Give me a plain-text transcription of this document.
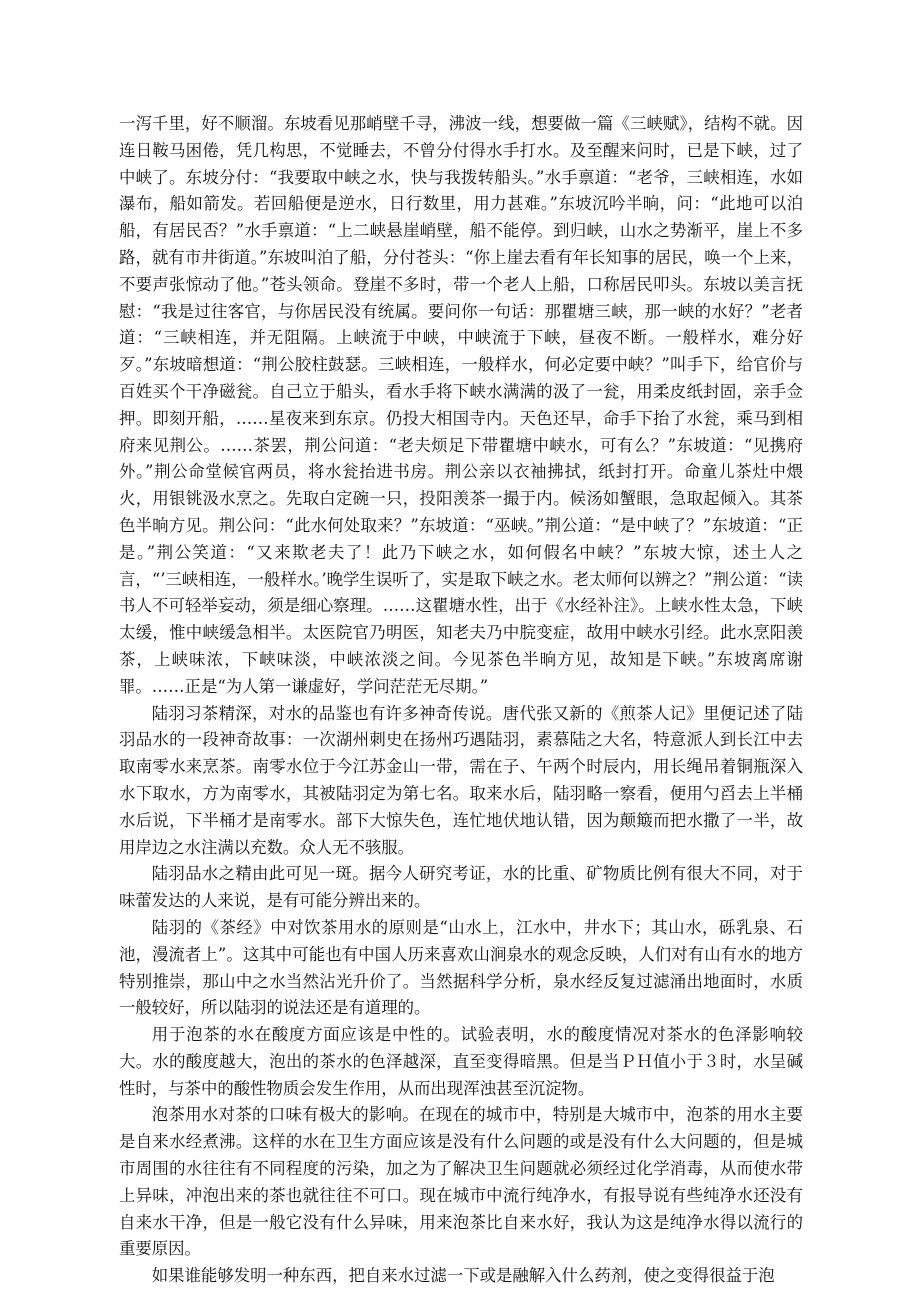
一泻千里，好不顺溜。东坡看见那峭壁千寻，沸波一线，想要做一篇《三峡赋》，结构不就。因连日鞍马困倦，凭几构思，不觉睡去，不曾分付得水手打水。及至醒来问时，已是下峡，过了中峡了。东坡分付：“我要取中峡之水，快与我拨转船头。”水手禀道：“老爷，三峡相连，水如瀑布，船如箭发。若回船便是逆水，日行数里，用力甚难。”东坡沉吟半晌，问：“此地可以泊船，有居民否？”水手禀道：“上二峡悬崖峭壁，船不能停。到归峡，山水之势渐平，崖上不多路，就有市井街道。”东坡叫泊了船，分付苍头：“你上崖去看有年长知事的居民，唤一个上来，不要声张惊动了他。”苍头领命。登崖不多时，带一个老人上船，口称居民叩头。东坡以美言抚慰：“我是过往客官，与你居民没有统属。要问你一句话：那瞿塘三峡，那一峡的水好？”老者道：“三峡相连，并无阻隔。上峡流于中峡，中峡流于下峡，昼夜不断。一般样水，难分好歹。”东坡暗想道：“荆公胶柱鼓瑟。三峡相连，一般样水，何必定要中峡？”叫手下，给官价与百姓买个干净磁瓮。自己立于船头，看水手将下峡水满满的汲了一瓮，用柔皮纸封固，亲手佥押。即刻开船，……星夜来到东京。仍投大相国寺内。天色还早，命手下抬了水瓮，乘马到相府来见荆公。……茶罢，荆公问道：“老夫烦足下带瞿塘中峡水，可有么？”东坡道：“见携府外。”荆公命堂候官两员，将水瓮抬进书房。荆公亲以衣袖拂拭，纸封打开。命童儿茶灶中煨火，用银铫汲水烹之。先取白定碗一只，投阳羡茶一撮于内。候汤如蟹眼，急取起倾入。其茶色半晌方见。荆公问：“此水何处取来？”东坡道：“巫峡。”荆公道：“是中峡了？”东坡道：“正是。”荆公笑道：“又来欺老夫了！此乃下峡之水，如何假名中峡？”东坡大惊，述土人之言，“’三峡相连，一般样水。’晚学生误听了，实是取下峡之水。老太师何以辨之？”荆公道：“读书人不可轻举妄动，须是细心察理。……这瞿塘水性，出于《水经补注》。上峡水性太急，下峡太缓，惟中峡缓急相半。太医院官乃明医，知老夫乃中脘变症，故用中峡水引经。此水烹阳羡茶，上峡味浓，下峡味淡，中峡浓淡之间。今见茶色半晌方见，故知是下峡。”东坡离席谢罪。……正是“为人第一谦虚好，学问茫茫无尽期。”

陆羽习茶精深，对水的品鉴也有许多神奇传说。唐代张又新的《煎茶人记》里便记述了陆羽品水的一段神奇故事：一次湖州刺史在扬州巧遇陆羽，素慕陆之大名，特意派人到长江中去取南零水来烹茶。南零水位于今江苏金山一带，需在子、午两个时辰内，用长绳吊着铜瓶深入水下取水，方为南零水，其被陆羽定为第七名。取来水后，陆羽略一察看，便用勺舀去上半桶水后说，下半桶才是南零水。部下大惊失色，连忙地伏地认错，因为颠簸而把水撒了一半，故用岸边之水注满以充数。众人无不骇服。

陆羽品水之精由此可见一斑。据今人研究考证，水的比重、矿物质比例有很大不同，对于味蕾发达的人来说，是有可能分辨出来的。

陆羽的《茶经》中对饮茶用水的原则是“山水上，江水中，井水下；其山水，砾乳泉、石池，漫流者上”。这其中可能也有中国人历来喜欢山涧泉水的观念反映，人们对有山有水的地方特别推崇，那山中之水当然沾光升价了。当然据科学分析，泉水经反复过滤涌出地面时，水质一般较好，所以陆羽的说法还是有道理的。

用于泡茶的水在酸度方面应该是中性的。试验表明，水的酸度情况对茶水的色泽影响较大。水的酸度越大，泡出的茶水的色泽越深，直至变得暗黑。但是当ＰＨ值小于３时，水呈碱性时，与茶中的酸性物质会发生作用，从而出现浑浊甚至沉淀物。

泡茶用水对茶的口味有极大的影响。在现在的城市中，特别是大城市中，泡茶的用水主要是自来水经煮沸。这样的水在卫生方面应该是没有什么问题的或是没有什么大问题的，但是城市周围的水往往有不同程度的污染，加之为了解决卫生问题就必须经过化学消毒，从而使水带上异味，冲泡出来的茶也就往往不可口。现在城市中流行纯净水，有报导说有些纯净水还没有自来水干净，但是一般它没有什么异味，用来泡茶比自来水好，我认为这是纯净水得以流行的重要原因。

如果谁能够发明一种东西，把自来水过滤一下或是融解入什么药剂，使之变得很益于泡
